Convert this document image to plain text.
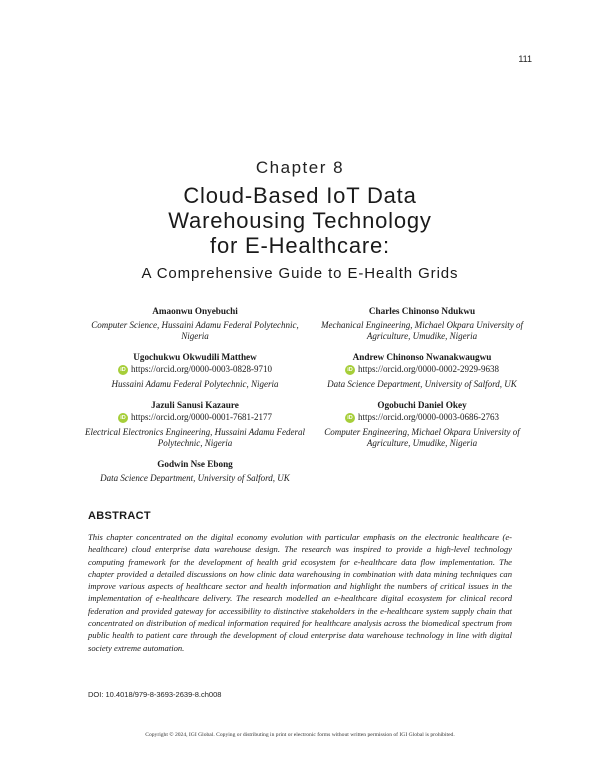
111
Chapter 8
Cloud-Based IoT Data
Warehousing Technology
for E-Healthcare:
A Comprehensive Guide to E-Health Grids
Amaonwu Onyebuchi
Computer Science, Hussaini Adamu Federal Polytechnic, Nigeria
Ugochukwu Okwudili Matthew
iD https://orcid.org/0000-0003-0828-9710
Hussaini Adamu Federal Polytechnic, Nigeria
Jazuli Sanusi Kazaure
iD https://orcid.org/0000-0001-7681-2177
Electrical Electronics Engineering, Hussaini Adamu Federal Polytechnic, Nigeria
Godwin Nse Ebong
Data Science Department, University of Salford, UK
Charles Chinonso Ndukwu
Mechanical Engineering, Michael Okpara University of Agriculture, Umudike, Nigeria
Andrew Chinonso Nwanakwaugwu
iD https://orcid.org/0000-0002-2929-9638
Data Science Department, University of Salford, UK
Ogobuchi Daniel Okey
iD https://orcid.org/0000-0003-0686-2763
Computer Engineering, Michael Okpara University of Agriculture, Umudike, Nigeria
ABSTRACT
This chapter concentrated on the digital economy evolution with particular emphasis on the electronic healthcare (e-healthcare) cloud enterprise data warehouse design. The research was inspired to provide a high-level technology computing framework for the development of health grid ecosystem for e-healthcare data flow implementation. The chapter provided a detailed discussions on how clinic data warehousing in combination with data mining techniques can improve various aspects of healthcare sector and health information and highlight the numbers of critical issues in the implementation of e-healthcare delivery. The research modelled an e-healthcare digital ecosystem for clinical record federation and provided gateway for accessibility to distinctive stakeholders in the e-healthcare system supply chain that concentrated on distribution of medical information required for healthcare analysis across the biomedical spectrum from public health to patient care through the development of cloud enterprise data warehouse technology in line with digital society extreme automation.
DOI: 10.4018/979-8-3693-2639-8.ch008
Copyright © 2024, IGI Global. Copying or distributing in print or electronic forms without written permission of IGI Global is prohibited.
